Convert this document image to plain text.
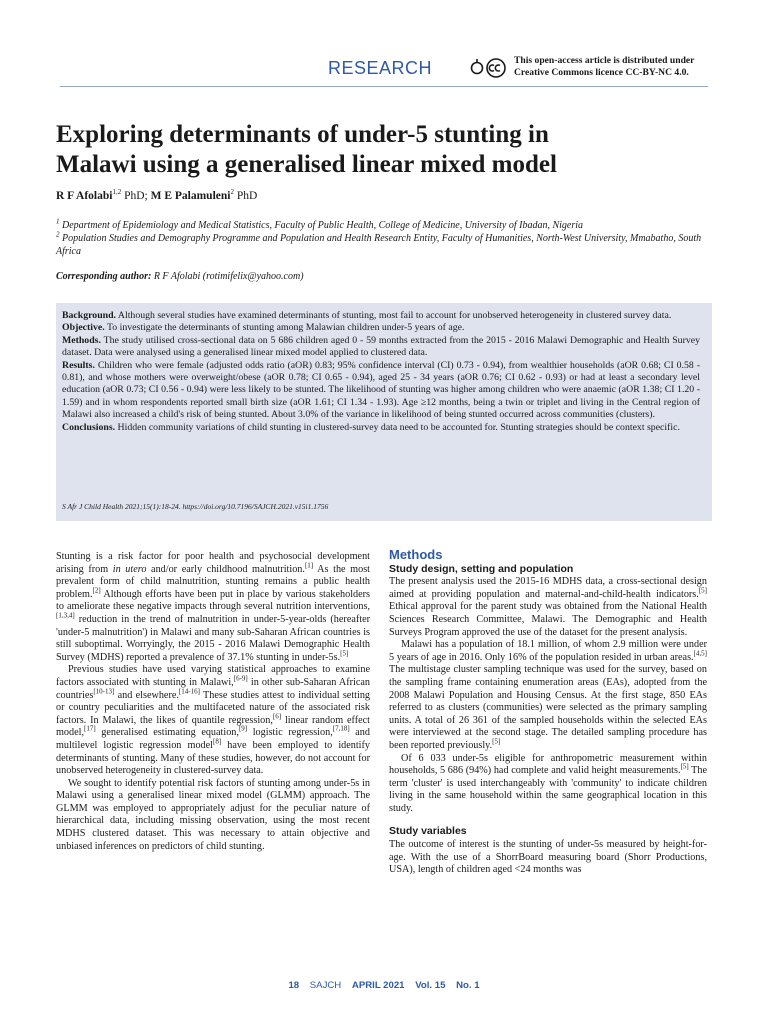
RESEARCH	This open-access article is distributed under
Creative Commons licence CC-BY-NC 4.0.
Exploring determinants of under-5 stunting in
Malawi using a generalised linear mixed model
R F Afolabi$^{1,2}$ PhD; M E Palamuleni$^2$ PhD
$^1$ Department of Epidemiology and Medical Statistics, Faculty of Public Health, College of Medicine, University of Ibadan, Nigeria
$^2$ Population Studies and Demography Programme and Population and Health Research Entity, Faculty of Humanities, North-West University, Mmabatho, South Africa
Corresponding author: R F Afolabi (rotimifelix@yahoo.com)

Background. Although several studies have examined determinants of stunting, most fail to account for unobserved heterogeneity in clustered survey data.

Objective. To investigate the determinants of stunting among Malawian children under-5 years of age.

Methods. The study utilised cross-sectional data on 5 686 children aged 0 - 59 months extracted from the 2015 - 2016 Malawi Demographic and Health Survey dataset. Data were analysed using a generalised linear mixed model applied to clustered data.

Results. Children who were female (adjusted odds ratio (aOR) 0.83; 95% confidence interval (CI) 0.73 - 0.94), from wealthier households (aOR 0.68; CI 0.58 - 0.81), and whose mothers were overweight/obese (aOR 0.78; CI 0.65 - 0.94), aged 25 - 34 years (aOR 0.76; CI 0.62 - 0.93) or had at least a secondary level education (aOR 0.73; CI 0.56 - 0.94) were less likely to be stunted. The likelihood of stunting was higher among children who were anaemic (aOR 1.38; CI 1.20 - 1.59) and in whom respondents reported small birth size (aOR 1.61; CI 1.34 - 1.93). Age ≥12 months, being a twin or triplet and living in the Central region of Malawi also increased a child's risk of being stunted. About 3.0% of the variance in likelihood of being stunted occurred across communities (clusters).

Conclusions. Hidden community variations of child stunting in clustered-survey data need to be accounted for. Stunting strategies should be context specific.

S Afr J Child Health 2021;15(1):18-24. https://doi.org/10.7196/SAJCH.2021.v15i1.1756

Stunting is a risk factor for poor health and psychosocial development arising from in utero and/or early childhood malnutrition.[1] As the most prevalent form of child malnutrition, stunting remains a public health problem.[2] Although efforts have been put in place by various stakeholders to ameliorate these negative impacts through several nutrition interventions,[1,3,4] reduction in the trend of malnutrition in under-5-year-olds (hereafter 'under-5 malnutrition') in Malawi and many sub-Saharan African countries is still suboptimal. Worryingly, the 2015 - 2016 Malawi Demographic Health Survey (MDHS) reported a prevalence of 37.1% stunting in under-5s.[5]

Previous studies have used varying statistical approaches to examine factors associated with stunting in Malawi,[6-9] in other sub-Saharan African countries[10-13] and elsewhere.[14-16] These studies attest to individual setting or country peculiarities and the multifaceted nature of the associated risk factors. In Malawi, the likes of quantile regression,[6] linear random effect model,[17] generalised estimating equation,[9] logistic regression,[7,18] and multilevel logistic regression model[8] have been employed to identify determinants of stunting. Many of these studies, however, do not account for unobserved heterogeneity in clustered-survey data.

We sought to identify potential risk factors of stunting among under-5s in Malawi using a generalised linear mixed model (GLMM) approach. The GLMM was employed to appropriately adjust for the peculiar nature of hierarchical data, including missing observation, using the most recent MDHS clustered dataset. This was necessary to attain objective and unbiased inferences on predictors of child stunting.

Methods
Study design, setting and population

The present analysis used the 2015-16 MDHS data, a cross-sectional design aimed at providing population and maternal-and-child-health indicators.[5] Ethical approval for the parent study was obtained from the National Health Sciences Research Committee, Malawi. The Demographic and Health Surveys Program approved the use of the dataset for the present analysis.

Malawi has a population of 18.1 million, of whom 2.9 million were under 5 years of age in 2016. Only 16% of the population resided in urban areas.[4,5] The multistage cluster sampling technique was used for the survey, based on the sampling frame containing enumeration areas (EAs), adopted from the 2008 Malawi Population and Housing Census. At the first stage, 850 EAs referred to as clusters (communities) were selected as the primary sampling units. A total of 26 361 of the sampled households within the selected EAs were interviewed at the second stage. The detailed sampling procedure has been reported previously.[5]

Of 6 033 under-5s eligible for anthropometric measurement within households, 5 686 (94%) had complete and valid height measurements.[5] The term 'cluster' is used interchangeably with 'community' to indicate children living in the same household within the same geographical location in this study.

Study variables

The outcome of interest is the stunting of under-5s measured by height-for-age. With the use of a ShorrBoard measuring board (Shorr Productions, USA), length of children aged <24 months was

18 SAJCH APRIL 2021 Vol. 15 No. 1
